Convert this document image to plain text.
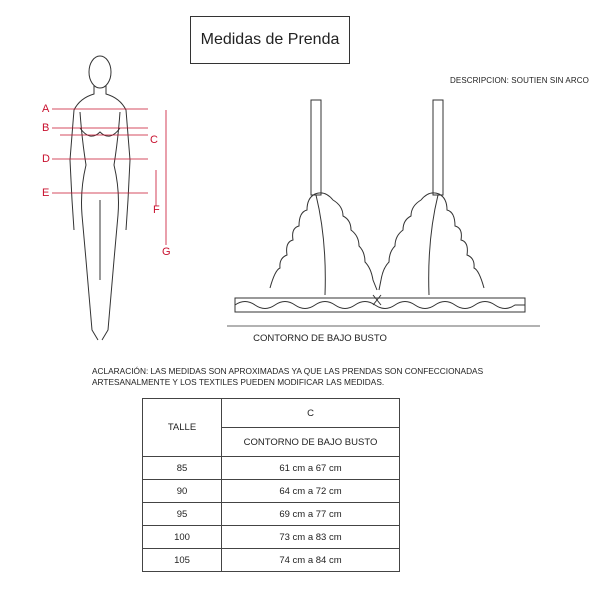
Medidas de Prenda
DESCRIPCION: SOUTIEN SIN ARCO
A
B
C
D
E
F
G
CONTORNO DE BAJO BUSTO
ACLARACIÓN: LAS MEDIDAS SON APROXIMADAS YA QUE LAS PRENDAS SON CONFECCIONADAS ARTESANALMENTE Y LOS TEXTILES PUEDEN MODIFICAR LAS MEDIDAS.
TALLE	C
	CONTORNO DE BAJO BUSTO
85	61 cm a 67 cm
90	64 cm a 72 cm
95	69 cm a 77 cm
100	73 cm a 83 cm
105	74 cm a 84 cm
